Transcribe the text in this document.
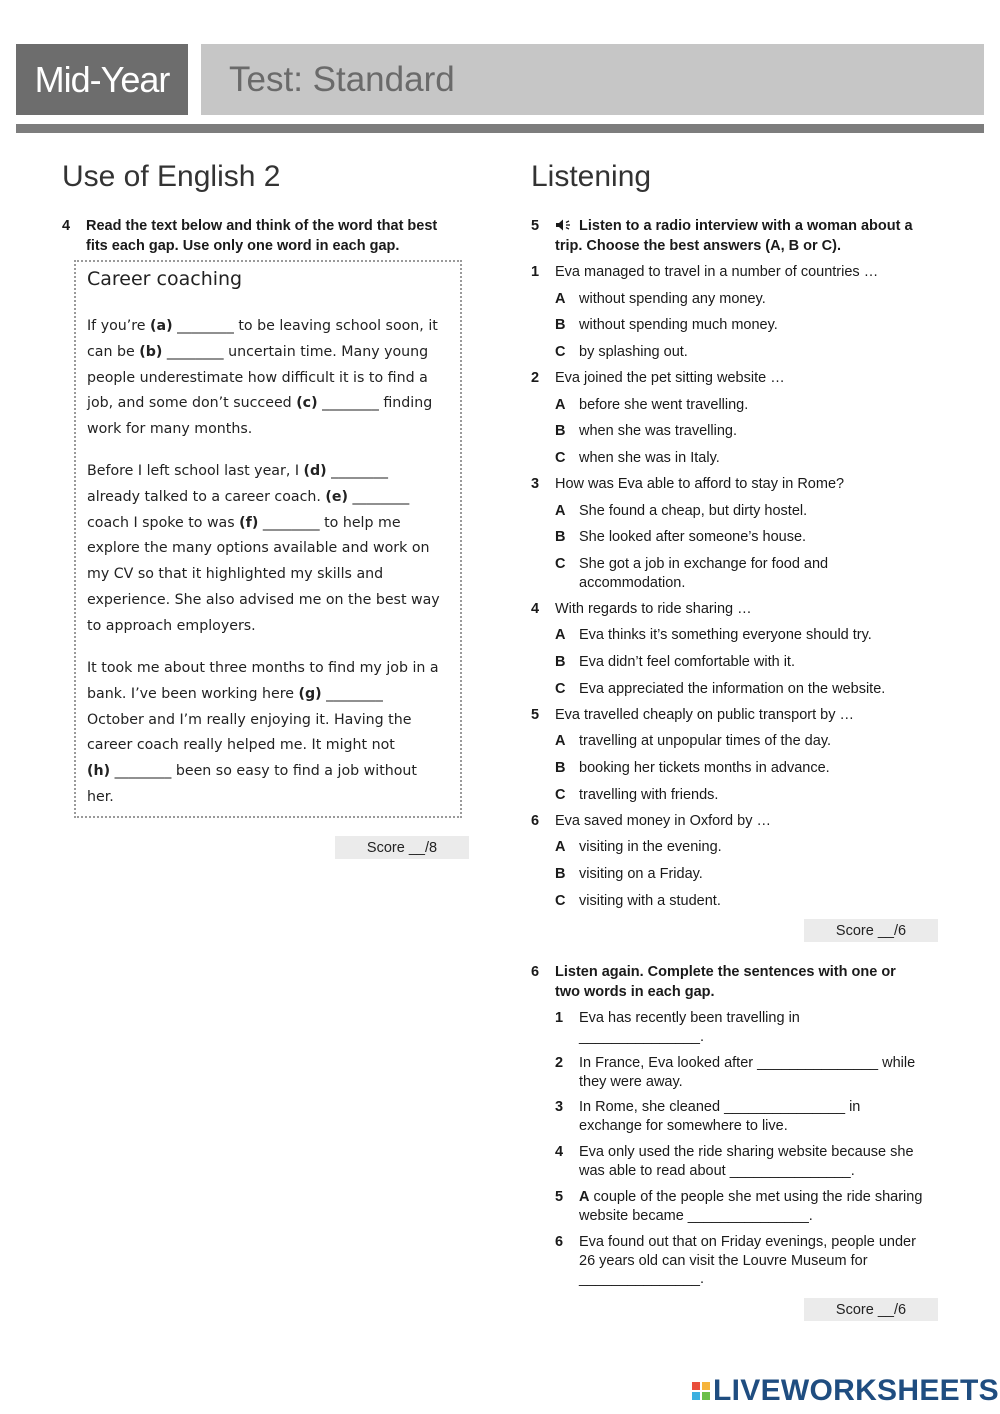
Mid-Year Test: Standard
Use of English 2
4 Read the text below and think of the word that best
fits each gap. Use only one word in each gap.
Career coaching
If you’re (a) ________ to be leaving school soon, it
can be (b) ________ uncertain time. Many young
people underestimate how difficult it is to find a
job, and some don’t succeed (c) ________ finding
work for many months.
Before I left school last year, I (d) ________
already talked to a career coach. (e) ________
coach I spoke to was (f) ________ to help me
explore the many options available and work on
my CV so that it highlighted my skills and
experience. She also advised me on the best way
to approach employers.
It took me about three months to find my job in a
bank. I’ve been working here (g) ________
October and I’m really enjoying it. Having the
career coach really helped me. It might not
(h) ________ been so easy to find a job without
her.
Score __/8
Listening
5	Listen to a radio interview with a woman about a
trip. Choose the best answers (A, B or C).
1 Eva managed to travel in a number of countries …
A without spending any money.
B without spending much money.
C by splashing out.
2 Eva joined the pet sitting website …
A before she went travelling.
B when she was travelling.
C when she was in Italy.
3 How was Eva able to afford to stay in Rome?
A She found a cheap, but dirty hostel.
B She looked after someone’s house.
C She got a job in exchange for food and accommodation.
4 With regards to ride sharing …
A Eva thinks it’s something everyone should try.
B Eva didn’t feel comfortable with it.
C Eva appreciated the information on the website.
5 Eva travelled cheaply on public transport by …
A travelling at unpopular times of the day.
B booking her tickets months in advance.
C travelling with friends.
6 Eva saved money in Oxford by …
A visiting in the evening.
B visiting on a Friday.
C visiting with a student.
Score __/6
6 Listen again. Complete the sentences with one or
two words in each gap.
1 Eva has recently been travelling in
_______________.
2 In France, Eva looked after _______________ while
they were away.
3 In Rome, she cleaned _______________ in
exchange for somewhere to live.
4 Eva only used the ride sharing website because she
was able to read about _______________.
5 A couple of the people she met using the ride sharing
website became _______________.
6 Eva found out that on Friday evenings, people under
26 years old can visit the Louvre Museum for
_______________.
Score __/6
LIVEWORKSHEETS
